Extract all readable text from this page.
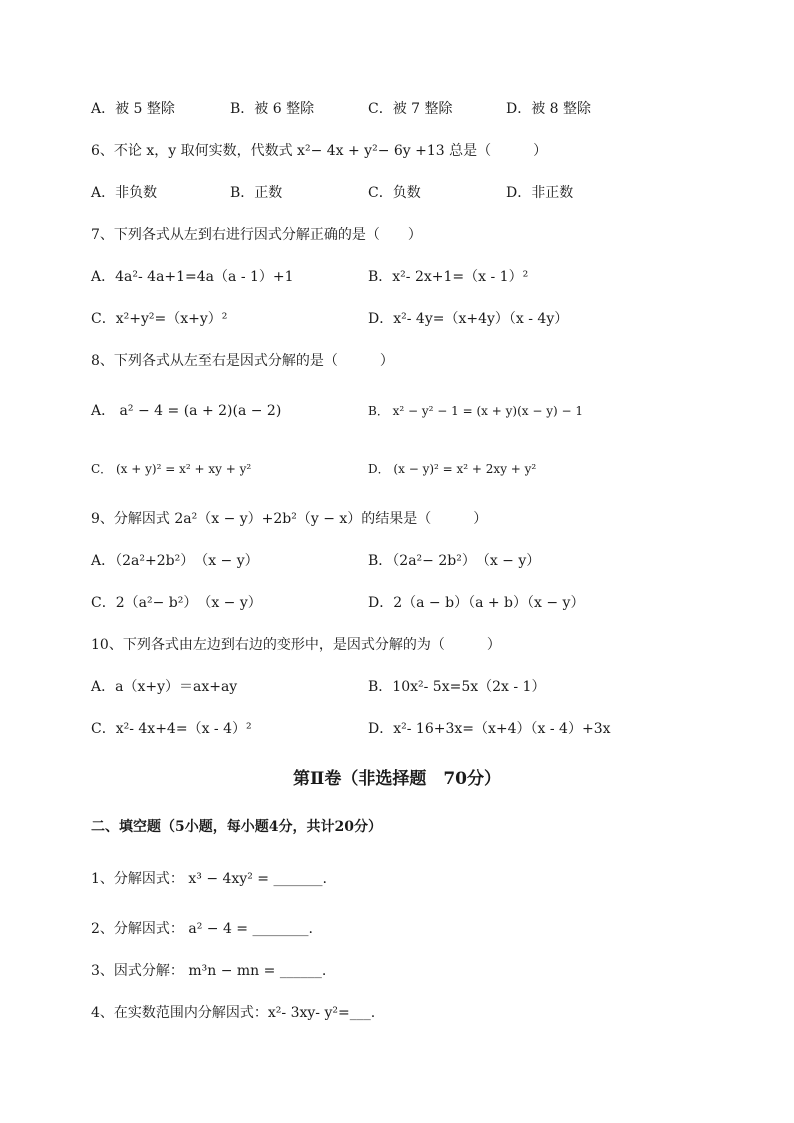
A．被 5 整除	B．被 6 整除	C．被 7 整除	D．被 8 整除
6、不论 x，y 取何实数，代数式 x²− 4x + y²− 6y +13 总是（　　　）
A．非负数	B．正数	C．负数	D．非正数
7、下列各式从左到右进行因式分解正确的是（　　）
A．4a²- 4a+1=4a（a - 1）+1	B．x²- 2x+1=（x - 1）²
C．x²+y²=（x+y）²	D．x²- 4y=（x+4y）（x - 4y）
8、下列各式从左至右是因式分解的是（　　　）
A． a² − 4 = (a + 2)(a − 2)	B． x² − y² − 1 = (x + y)(x − y) − 1
C． (x + y)² = x² + xy + y²	D． (x − y)² = x² + 2xy + y²
9、分解因式 2a²（x − y）+2b²（y − x）的结果是（　　　）
A．（2a²+2b²）　（x − y）	B．（2a²− 2b²）　（x − y）
C．2（a²− b²）　（x − y）	D．2（a − b）（a + b）（x − y）
10、下列各式由左边到右边的变形中，是因式分解的为（　　　）
A．a（x+y）＝ax+ay	B．10x²- 5x=5x（2x - 1）
C．x²- 4x+4=（x - 4）²	D．x²- 16+3x=（x+4）（x - 4）+3x
第Ⅱ卷（非选择题　70分）
二、填空题（5小题，每小题4分，共计20分）
1、分解因式： x³ − 4xy² = _______.
2、分解因式： a² − 4 = ________.
3、因式分解： m³n − mn = ______.
4、在实数范围内分解因式：x²- 3xy- y²=___.
